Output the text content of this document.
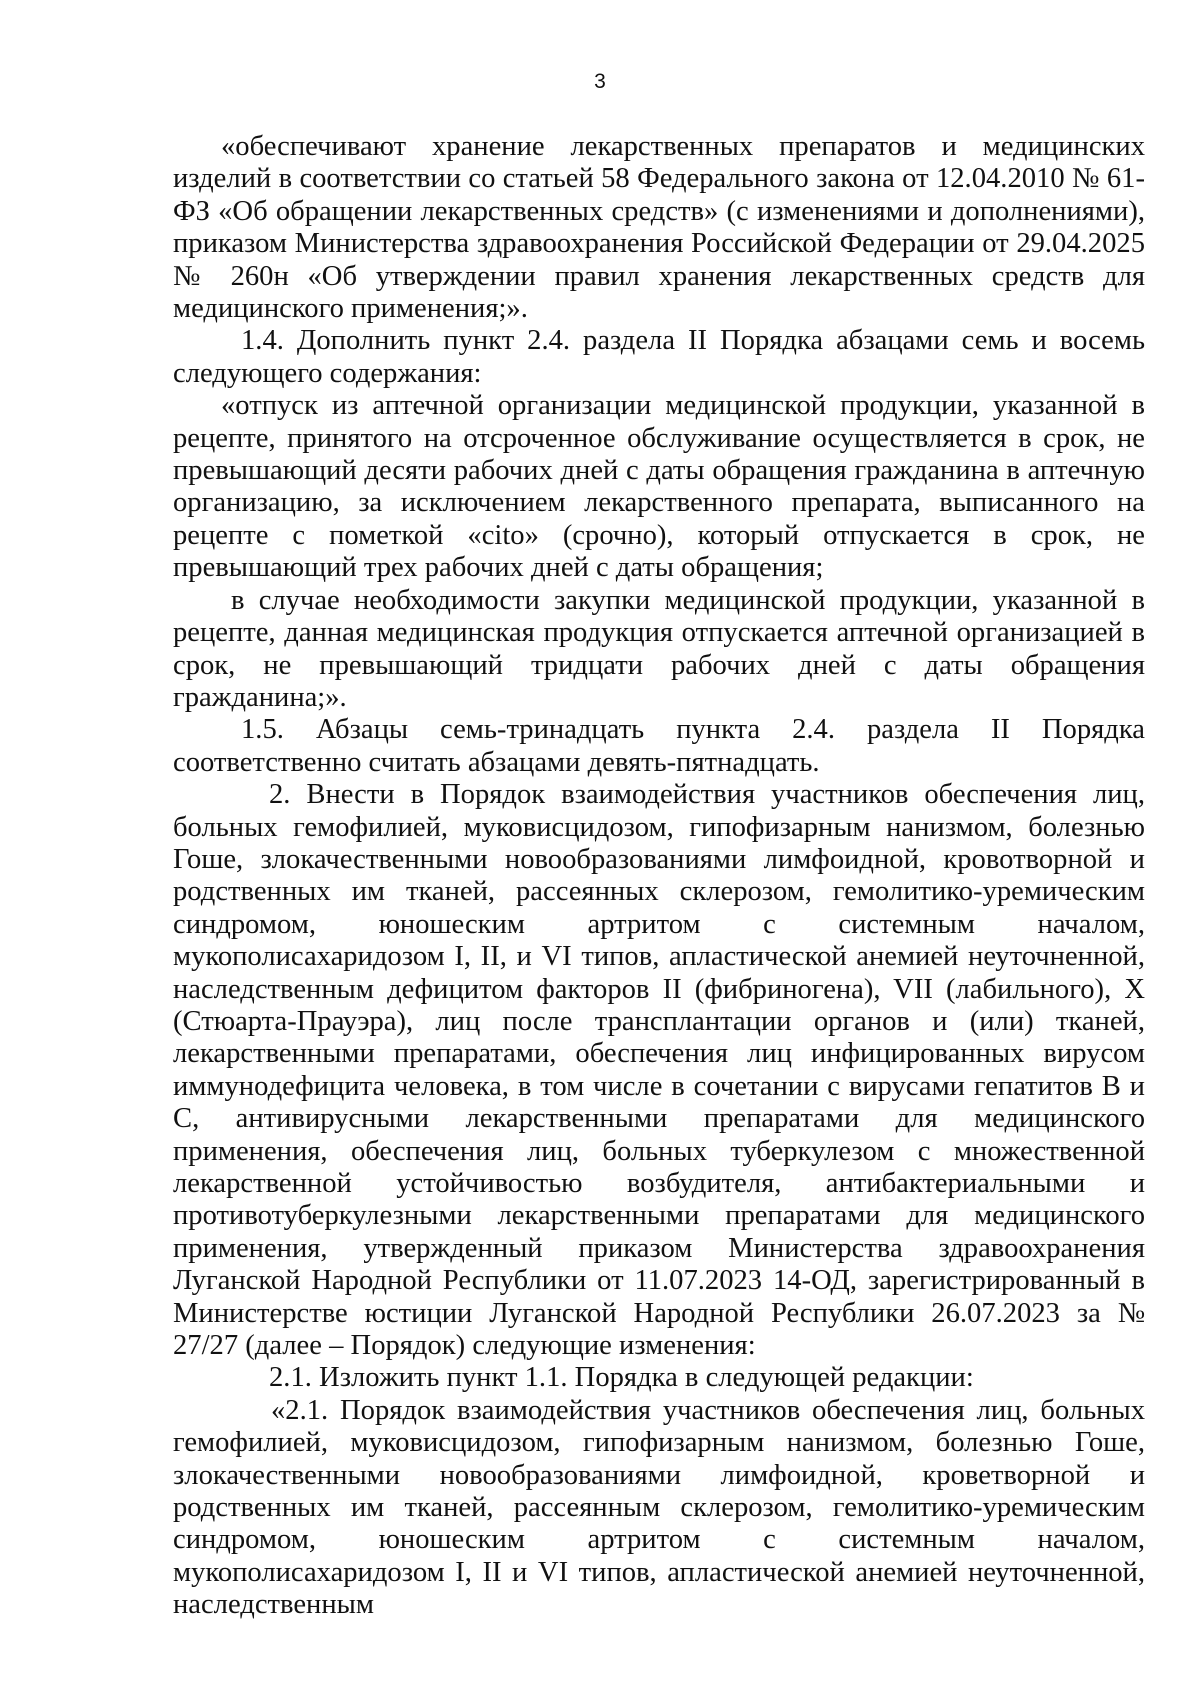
3

«обеспечивают хранение лекарственных препаратов и медицинских изделий в соответствии со статьей 58 Федерального закона от 12.04.2010 № 61-ФЗ «Об обращении лекарственных средств» (с изменениями и дополнениями), приказом Министерства здравоохранения Российской Федерации от 29.04.2025 № 260н «Об утверждении правил хранения лекарственных средств для медицинского применения;».

1.4. Дополнить пункт 2.4. раздела II Порядка абзацами семь и восемь следующего содержания:

«отпуск из аптечной организации медицинской продукции, указанной в рецепте, принятого на отсроченное обслуживание осуществляется в срок, не превышающий десяти рабочих дней с даты обращения гражданина в аптечную организацию, за исключением лекарственного препарата, выписанного на рецепте с пометкой «cito» (срочно), который отпускается в срок, не превышающий трех рабочих дней с даты обращения;

в случае необходимости закупки медицинской продукции, указанной в рецепте, данная медицинская продукция отпускается аптечной организацией в срок, не превышающий тридцати рабочих дней с даты обращения гражданина;».

1.5. Абзацы семь-тринадцать пункта 2.4. раздела II Порядка соответственно считать абзацами девять-пятнадцать.

2. Внести в Порядок взаимодействия участников обеспечения лиц, больных гемофилией, муковисцидозом, гипофизарным нанизмом, болезнью Гоше, злокачественными новообразованиями лимфоидной, кровотворной и родственных им тканей, рассеянных склерозом, гемолитико-уремическим синдромом, юношеским артритом с системным началом, мукополисахаридозом I, II, и VI типов, апластической анемией неуточненной, наследственным дефицитом факторов II (фибриногена), VII (лабильного), X (Стюарта-Прауэра), лиц после трансплантации органов и (или) тканей, лекарственными препаратами, обеспечения лиц инфицированных вирусом иммунодефицита человека, в том числе в сочетании с вирусами гепатитов B и C, антивирусными лекарственными препаратами для медицинского применения, обеспечения лиц, больных туберкулезом с множественной лекарственной устойчивостью возбудителя, антибактериальными и противотуберкулезными лекарственными препаратами для медицинского применения, утвержденный приказом Министерства здравоохранения Луганской Народной Республики от 11.07.2023 14-ОД, зарегистрированный в Министерстве юстиции Луганской Народной Республики 26.07.2023 за № 27/27 (далее – Порядок) следующие изменения:

2.1. Изложить пункт 1.1. Порядка в следующей редакции:

«2.1. Порядок взаимодействия участников обеспечения лиц, больных гемофилией, муковисцидозом, гипофизарным нанизмом, болезнью Гоше, злокачественными новообразованиями лимфоидной, кроветворной и родственных им тканей, рассеянным склерозом, гемолитико-уремическим синдромом, юношеским артритом с системным началом, мукополисахаридозом I, II и VI типов, апластической анемией неуточненной, наследственным
